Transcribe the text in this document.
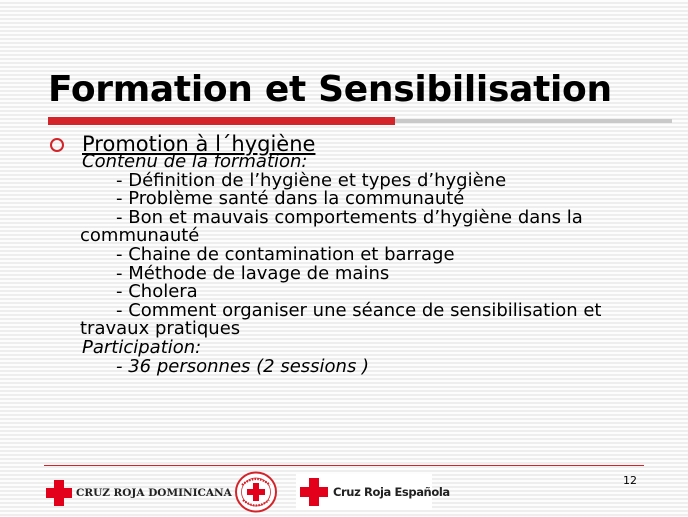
Formation et Sensibilisation
Promotion à l´hygiène
Contenu de la formation:
- Définition de l’hygiène et types d’hygiène
- Problème santé dans la communauté
- Bon et mauvais comportements d’hygiène dans la
communauté
- Chaine de contamination et barrage
- Méthode de lavage de mains
- Cholera
- Comment organiser une séance de sensibilisation et
travaux pratiques
Participation:
- 36 personnes (2 sessions )
12
CRUZ ROJA DOMINICANA	Cruz Roja Española
